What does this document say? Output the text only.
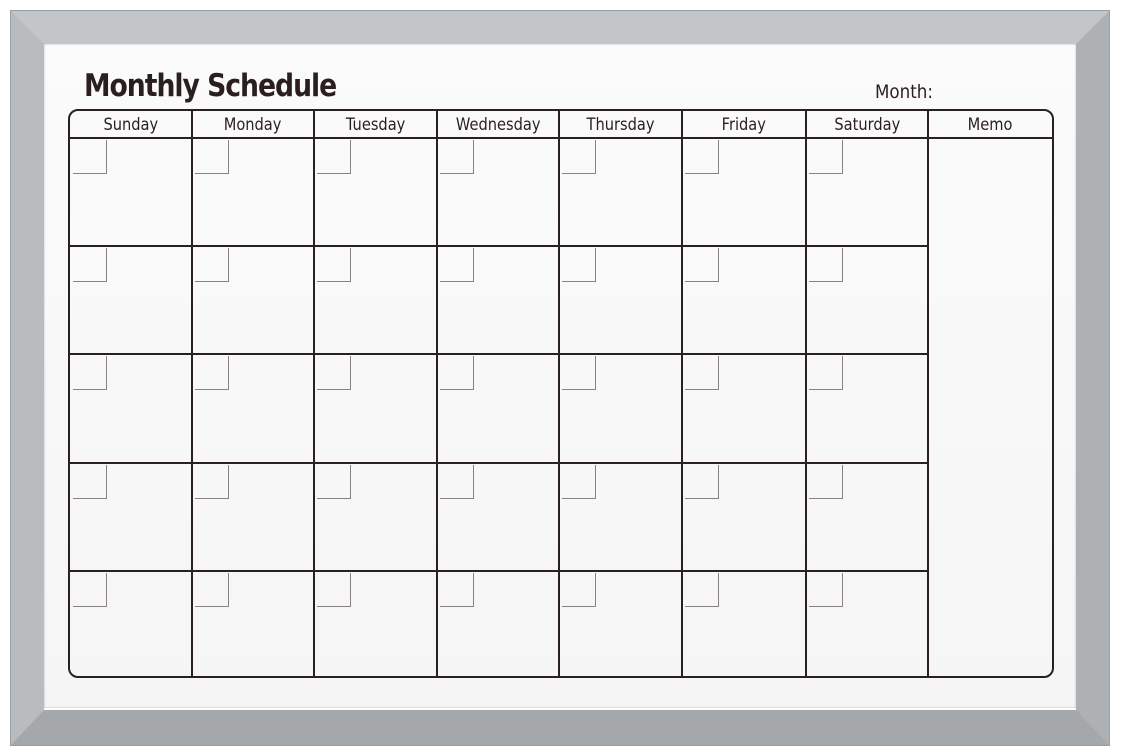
Monthly Schedule	Month:
Sunday	Monday	Tuesday	Wednesday	Thursday	Friday	Saturday	Memo
